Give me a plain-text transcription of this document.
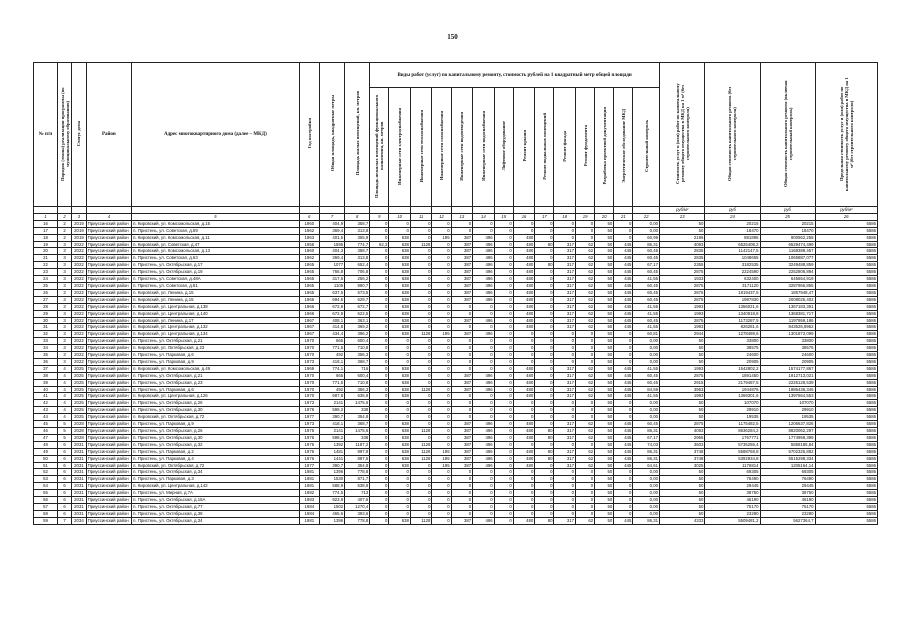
150
№ п/п	Порядок (этапы) реализации программы (по муниципальному образованию)	Статус дома	Район	Адрес многоквартирного дома (далее – МКД)	Год постройки	Общая площадь, квадратные метры	Площадь жилых помещений, кв. метров	Виды работ (услуг) по капитальному ремонту, стоимость рублей на 1 квадратный метр общей площади														Стоимость услуг и (или) работ по капитальному ремонту общего имущества в МКД на 1 м² (без строительного контроля)	Общая стоимость капитального ремонта (без строительного контроля)	Общая стоимость капитального ремонта (включая строительный контроль)	Предельная стоимость услуг и (или) работ по капитальному ремонту общего имущества в МКД на 1 м² (без строительного контроля)
								Площадь нежилых помещений функционального назначения, кв. метров	Инженерные сети электроснабжения	Инженерные сети теплоснабжения	Инженерные сети газоснабжения	Инженерные сети водоотведения	Инженерные сети водоснабжения	Лифтовое оборудование	Ремонт крыши	Ремонт подвальных помещений	Ремонт фасада	Ремонт фундамента	Разработка проектной документации	Энергетическое обследование МКД	Строительный контроль				
																						руб/м²	руб	руб	руб/м²
1	2	3	4	5	6	7	8	9	10	11	12	13	14	15	16	17	18	19	20	21	22	23	24	25	26
16	2	2019	Приуссинский район	п. Кировский, ул. Комсомольская, д.15	1960	404,9	358,7	0	0	0	0	0	0	0	0	0	0	0	50	0	0,00	50	20215	20215	5586
17	2	2019	Приуссинский район	п. Пристень, ул. Советская, д.59	1962	369,4	313,8	0	0	0	0	0	0	0	0	0	0	0	50	0	0,00	50	18470	18470	5586
18	2	2019	Приуссинский район	п. Кировский, ул. Комсомольская, д.11	1963	401,5	355,9	0	638	0	195	387	496	0	480	0	0	0	50	0	60,99	2196	881896	900562,258	5586
19	3	2022	Приуссинский район	п. Кировский, ул. Советская, д.47	1956	1595	774,7	62,3	638	1128	0	387	496	0	480	80	317	62	50	445	86,31	4093	6525408,2	6529474,499	5586
20	3	2022	Приуссинский район	п. Кировский, ул. Комсомольская, д.13	1960	404,3	358,7	0	638	0	0	387	496	0	480	0	317	62	50	445	60,45	2835	1142147,5	1168389,457	5586
21	3	2022	Приуссинский район	п. Пристень, ул. Советская, д.63	1962	369,4	313,8	0	638	0	0	387	496	0	480	0	317	62	50	445	60,45	2835	1048655	1065887,077	5586
22	3	2022	Приуссинский район	п. Пристень, ул. Октябрьская, д.17	1965	1077	652,4	0	638	0	0	387	496	0	480	80	317	62	50	445	67,17	2355	3182535	3249488,859	5586
23	3	2022	Приуссинский район	п. Пристень, ул. Октябрьская, д.19	1965	766,8	706,8	0	638	0	0	387	496	0	480	0	317	62	50	445	60,45	2875	2224590	2252806,894	5586
24	3	2022	Приуссинский район	п. Пристень, ул. Советская, д.48А	1965	317,5	256,2	0	638	0	0	387	496	0	480	0	317	62	50	445	41,55	1933	632400	645654,919	5586
25	3	2022	Приуссинский район	п. Пристень, ул. Советская, д.61	1965	1105	990,7	0	638	0	0	387	496	0	480	0	317	62	50	445	60,45	2875	3171120	3287966,865	5586
26	3	2022	Приуссинский район	п. Кировский, ул. Ленина, д.15	1965	637,5	573,5	0	638	0	0	387	496	0	480	0	317	62	50	445	60,45	2875	1819437,5	1857948,47	5586
27	3	2022	Приуссинский район	п. Кировский, ул. Ленина, д.15	1966	694,6	629,7	0	638	0	0	387	496	0	480	0	317	62	50	445	60,45	2875	1987830	2008025,402	5586
28	3	2022	Приуссинский район	п. Кировский, ул. Центральная, д.138	1966	672,9	672,7	0	638	0	0	0	0	0	480	0	317	62	50	445	41,55	1993	1356021,6	1367183,391	5586
29	3	2022	Приуссинский район	п. Кировский, ул. Центральная, д.140	1966	672,9	622,5	0	638	0	0	0	0	0	480	0	317	62	50	445	41,55	1993	1340918,8	1368381,717	5586
30	3	2022	Приуссинский район	п. Кировский, ул. Ленина, д.17	1967	408,1	363,1	0	638	0	0	387	496	0	480	0	317	62	50	445	60,45	2875	1173287,5	1197959,186	5586
31	3	2022	Приуссинский район	п. Кировский, ул. Центральная, д.132	1967	414,8	369,2	0	638	0	0	0	0	0	480	0	317	62	50	445	41,55	1993	826281,6	843526,8962	5586
32	3	2022	Приуссинский район	п. Кировский, ул. Центральная, д.134	1967	434,4	396,2	0	638	1128	195	387	496	0	0	0	0	0	50	0	60,81	2944	1278489,6	1301873,099	5586
33	3	2022	Приуссинский район	п. Пристень, ул. Октябрьская, д.21	1970	665	600,4	0	0	0	0	0	0	0	0	0	0	0	50	0	0,00	50	33800	33800	5586
34	3	2022	Приуссинский район	п. Кировский, ул. Октябрьская, д.23	1970	771,5	710,8	0	0	0	0	0	0	0	0	0	0	0	50	0	0,00	50	38575	38575	5586
35	3	2022	Приуссинский район	п. Пристень, ул. Парковая, д.6	1970	492	356,3	0	0	0	0	0	0	0	0	0	0	0	50	0	0,00	50	24600	24600	5586
36	3	2022	Приуссинский район	п. Пристень, ул. Парковая, д.9	1973	418,1	368,7	0	0	0	0	0	0	0	0	0	0	0	50	0	0,00	50	20905	20905	5586
37	4	2025	Приуссинский район	п. Кировский, ул. Комсомольская, д.49	1969	774,1	716	0	638	0	0	0	0	0	480	0	317	62	50	445	41,55	1993	1542802,2	1574177,867	5586
38	4	2025	Приуссинский район	п. Пристень, ул. Октябрьская, д.21	1970	665	600,4	0	638	0	0	387	496	0	480	0	317	62	50	445	60,45	2875	1891450	1912713,021	5586
39	4	2025	Приуссинский район	п. Пристень, ул. Октябрьская, д.23	1970	771,5	710,8	0	638	0	0	387	496	0	480	0	317	62	50	445	60,45	2915	2179487,5	2226128,539	5586
40	4	2025	Приуссинский район	п. Пристень, ул. Парковая, д.6	1970	492	356,3	0	638	1128	0	387	496	0	480	0	317	62	50	445	84,59	3953	1944876	1986436,346	5586
41	4	2025	Приуссинский район	п. Кировский, ул. Центральная, д.126	1970	687,8	635,9	0	638	0	0	0	0	0	480	0	317	62	50	445	41,55	1993	1369301,6	1397664,553	5586
42	4	2025	Приуссинский район	п. Пристень, ул. Октябрьская, д.26	1973	2141	1475,6	0	0	0	0	0	0	0	0	0	0	0	50	0	0,00	50	107070	107070	5586
43	4	2025	Приуссинский район	п. Пристень, ул. Октябрьская, д.30	1976	598,2	338	0	0	0	0	0	0	0	0	0	0	0	50	0	0,00	50	29910	29910	5586
44	4	2025	Приуссинский район	п. Кировский, ул. Октябрьская, д.72	1977	390,7	354,8	0	0	0	0	0	0	0	0	0	0	0	50	0	0,00	50	19535	19535	5586
45	5	2028	Приуссинский район	п. Пристень, ул. Парковая, д.9	1973	418,1	368,7	0	638	0	0	387	496	0	480	0	317	62	50	445	60,45	2875	1175482,5	1206637,826	5586
46	5	2028	Приуссинский район	п. Пристень, ул. Октябрьская, д.26	1975	2141	1475,6	0	638	1128	0	387	496	0	480	80	317	62	50	445	86,31	4093	8636284,2	8820062,297	5586
47	5	2028	Приуссинский район	п. Пристень, ул. Октябрьская, д.30	1976	598,2	338	0	638	0	0	387	496	0	480	80	317	62	50	445	67,17	2955	1767771	1774959,399	5586
48	6	2031	Приуссинский район	п. Пристень, ул. Октябрьская, д.32	1976	1392	1187,2	0	638	1128	0	387	496	0	0	0	0	0	50	445	74,03	3603	5735255,4	5858185,84	5586
49	6	2031	Приуссинский район	п. Пристень, ул. Парковая, д.2	1976	1481	897,9	0	638	1128	195	387	496	0	480	80	317	62	50	445	86,31	3748	5588768,8	5702325,882	5586
50	6	2031	Приуссинский район	п. Пристень, ул. Парковая, д.4	1976	1441	887,5	0	638	1128	195	387	496	0	480	80	317	62	50	445	86,31	3748	5392934,8	5515298,334	5586
51	6	2031	Приуссинский район	п. Кировский, ул. Октябрьская, д.72	1977	390,7	354,8	0	638	0	195	387	496	0	480	0	317	62	50	445	64,61	3025	1176814	1205164,14	5586
52	6	2031	Приуссинский район	п. Пристень, ул. Октябрьская, д.34	1981	1396	778,8	0	0	0	0	0	0	0	0	0	0	0	50	0	0,00	50	69305	69305	5586
53	6	2031	Приуссинский район	п. Пристень, ул. Парковая, д.3	1981	1530	871,7	0	0	0	0	0	0	0	0	0	0	0	50	0	0,00	50	76490	76490	5586
54	6	2031	Приуссинский район	п. Кировский, ул. Центральная, д.142	1981	588,9	538,9	0	0	0	0	0	0	0	0	0	0	0	50	0	0,00	50	29445	29445	5586
55	6	2031	Приуссинский район	п. Пристень, ул. Мирная, д.7А	1982	774,5	713	0	0	0	0	0	0	0	0	0	0	0	50	0	0,00	50	38750	38750	5586
56	6	2031	Приуссинский район	п. Пристень, ул. Октябрьская, д.15А	1983	923,8	407,6	0	0	0	0	0	0	0	0	0	0	0	50	0	0,00	50	46190	46190	5586
57	6	2031	Приуссинский район	п. Пристень, ул. Октябрьская, д.77	1984	1502	1270,4	0	0	0	0	0	0	0	0	0	0	0	50	0	0,00	50	75170	75170	5586
58	6	2031	Приуссинский район	п. Пристень, ул. Октябрьская, д.38	1984	465,6	393,6	0	0	0	0	0	0	0	0	0	0	0	50	0	0,00	50	23280	23280	5586
59	7	2034	Приуссинский район	п. Пристень, ул. Октябрьская, д.34	1981	1396	778,8	0	638	1128	0	387	496	0	480	80	317	62	50	445	86,31	4333	5509481,2	5627364,7	5586
